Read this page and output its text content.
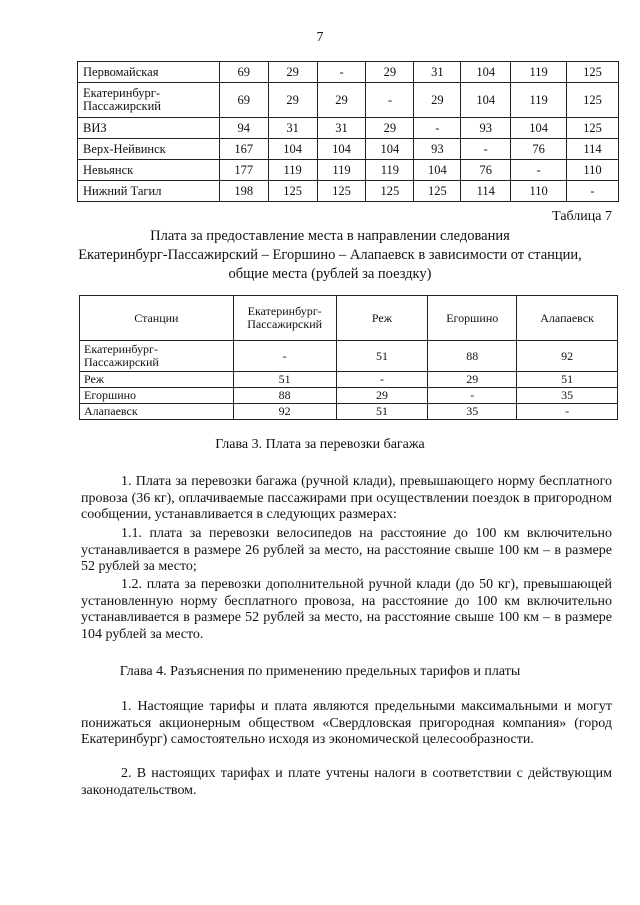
7
Первомайская	69	29	-	29	31	104	119	125
Екатеринбург-
Пассажирский	69	29	29	-	29	104	119	125
ВИЗ	94	31	31	29	-	93	104	125
Верх-Нейвинск	167	104	104	104	93	-	76	114
Невьянск	177	119	119	119	104	76	-	110
Нижний Тагил	198	125	125	125	125	114	110	-
Таблица 7
Плата за предоставление места в направлении следования
Екатеринбург-Пассажирский – Егоршино – Алапаевск в зависимости от станции,
общие места (рублей за поездку)
Станции	Екатеринбург-
Пассажирский	Реж	Егоршино	Алапаевск
Екатеринбург-
Пассажирский	-	51	88	92
Реж	51	-	29	51
Егоршино	88	29	-	35
Алапаевск	92	51	35	-
Глава 3. Плата за перевозки багажа
1. Плата за перевозки багажа (ручной клади), превышающего норму бесплатного провоза (36 кг), оплачиваемые пассажирами при осуществлении поездок в пригородном сообщении, устанавливается в следующих размерах:
1.1. плата за перевозки велосипедов на расстояние до 100 км включительно устанавливается в размере 26 рублей за место, на расстояние свыше 100 км – в размере 52 рублей за место;
1.2. плата за перевозки дополнительной ручной клади (до 50 кг), превышающей установленную норму бесплатного провоза, на расстояние до 100 км включительно устанавливается в размере 52 рублей за место, на расстояние свыше 100 км – в размере 104 рублей за место.
Глава 4. Разъяснения по применению предельных тарифов и платы
1. Настоящие тарифы и плата являются предельными максимальными и могут понижаться акционерным обществом «Свердловская пригородная компания» (город Екатеринбург) самостоятельно исходя из экономической целесообразности.
2. В настоящих тарифах и плате учтены налоги в соответствии с действующим законодательством.
